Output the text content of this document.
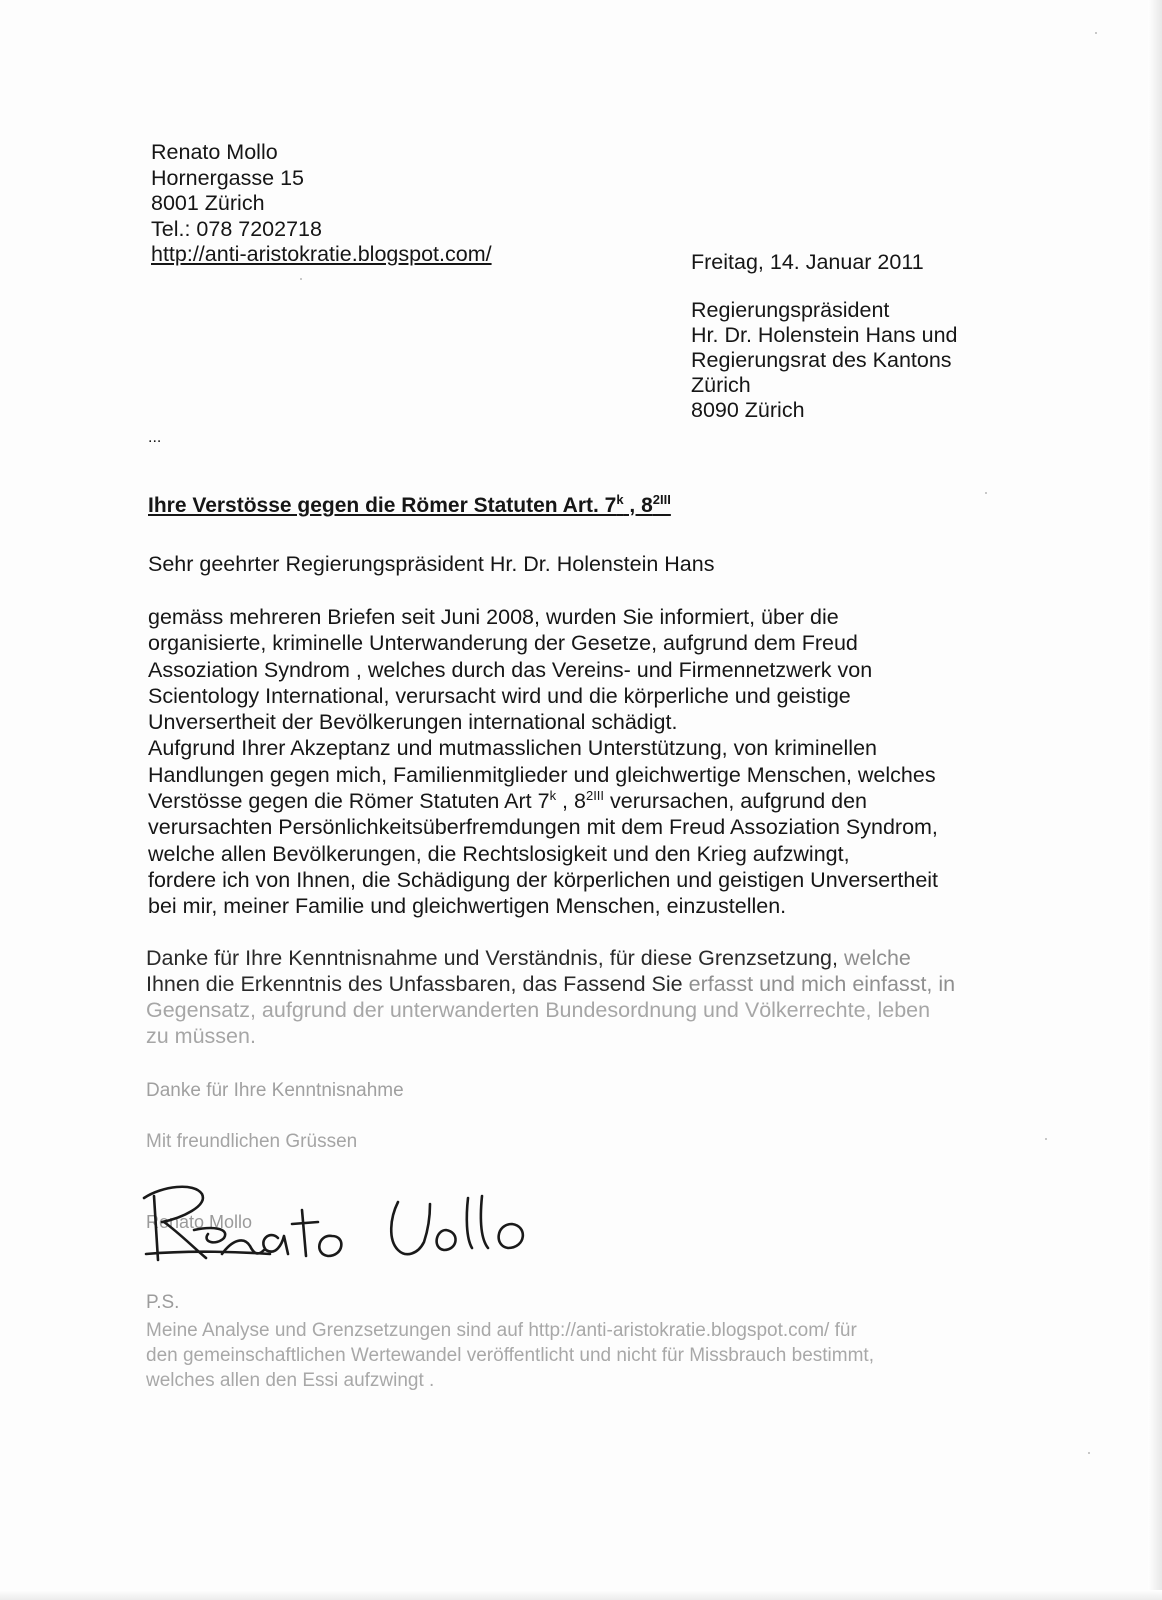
Renato Mollo
Hornergasse 15
8001 Zürich
Tel.: 078 7202718
http://anti-aristokratie.blogspot.com/	Freitag, 14. Januar 2011
Regierungspräsident
Hr. Dr. Holenstein Hans und
Regierungsrat des Kantons
Zürich
8090 Zürich
...
Ihre Verstösse gegen die Römer Statuten Art. 7$^k$ , $8^{2III}$
Sehr geehrter Regierungspräsident Hr. Dr. Holenstein Hans
gemäss mehreren Briefen seit Juni 2008, wurden Sie informiert, über die
organisierte, kriminelle Unterwanderung der Gesetze, aufgrund dem Freud
Assoziation Syndrom , welches durch das Vereins- und Firmennetzwerk von
Scientology International, verursacht wird und die körperliche und geistige
Unversertheit der Bevölkerungen international schädigt.
Aufgrund Ihrer Akzeptanz und mutmasslichen Unterstützung, von kriminellen
Handlungen gegen mich, Familienmitglieder und gleichwertige Menschen, welches
Verstösse gegen die Römer Statuten Art 7$^k$ , $8^{2III}$ verursachen, aufgrund den
verursachten Persönlichkeitsüberfremdungen mit dem Freud Assoziation Syndrom,
welche allen Bevölkerungen, die Rechtslosigkeit und den Krieg aufzwingt,
fordere ich von Ihnen, die Schädigung der körperlichen und geistigen Unversertheit
bei mir, meiner Familie und gleichwertigen Menschen, einzustellen.
Danke für Ihre Kenntnisnahme und Verständnis, für diese Grenzsetzung, welche
Ihnen die Erkenntnis des Unfassbaren, das Fassend Sie erfasst und mich einfasst, in
Gegensatz, aufgrund der unterwanderten Bundesordnung und Völkerrechte, leben
zu müssen.
Danke für Ihre Kenntnisnahme
Mit freundlichen Grüssen
Renato Mollo
P.S.
Meine Analyse und Grenzsetzungen sind auf http://anti-aristokratie.blogspot.com/ für
den gemeinschaftlichen Wertewandel veröffentlicht und nicht für Missbrauch bestimmt,
welches allen den Essi aufzwingt .
